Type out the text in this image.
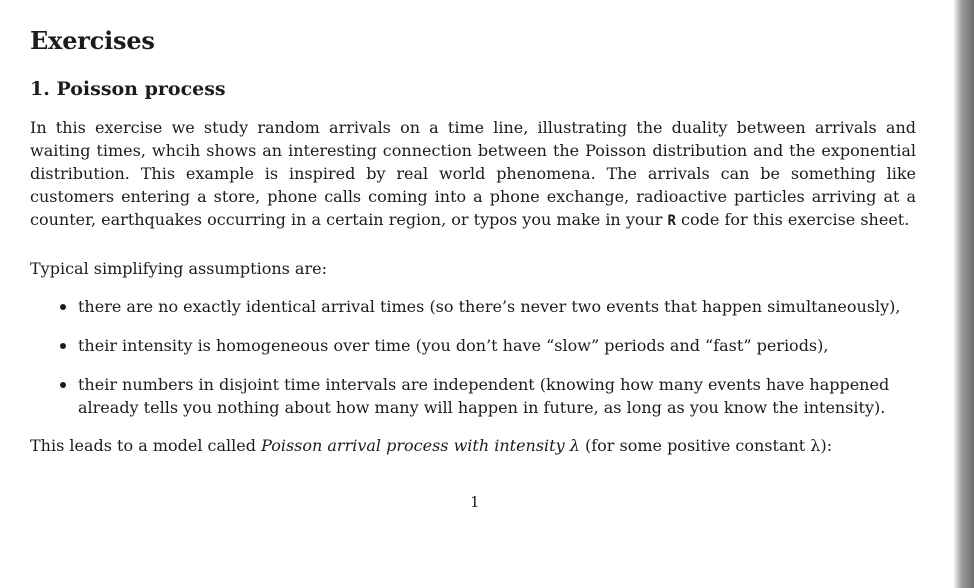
Exercises
1. Poisson process

In this exercise we study random arrivals on a time line, illustrating the duality between arrivals and waiting times, whcih shows an interesting connection between the Poisson distribution and the exponential distribution. This example is inspired by real world phenomena. The arrivals can be something like customers entering a store, phone calls coming into a phone exchange, radioactive particles arriving at a counter, earthquakes occurring in a certain region, or typos you make in your R code for this exercise sheet.

Typical simplifying assumptions are:

there are no exactly identical arrival times (so there’s never two events that happen simultaneously),
their intensity is homogeneous over time (you don’t have “slow” periods and “fast” periods),
their numbers in disjoint time intervals are independent (knowing how many events have happened already tells you nothing about how many will happen in future, as long as you know the intensity).

This leads to a model called Poisson arrival process with intensity λ (for some positive constant λ):

1
